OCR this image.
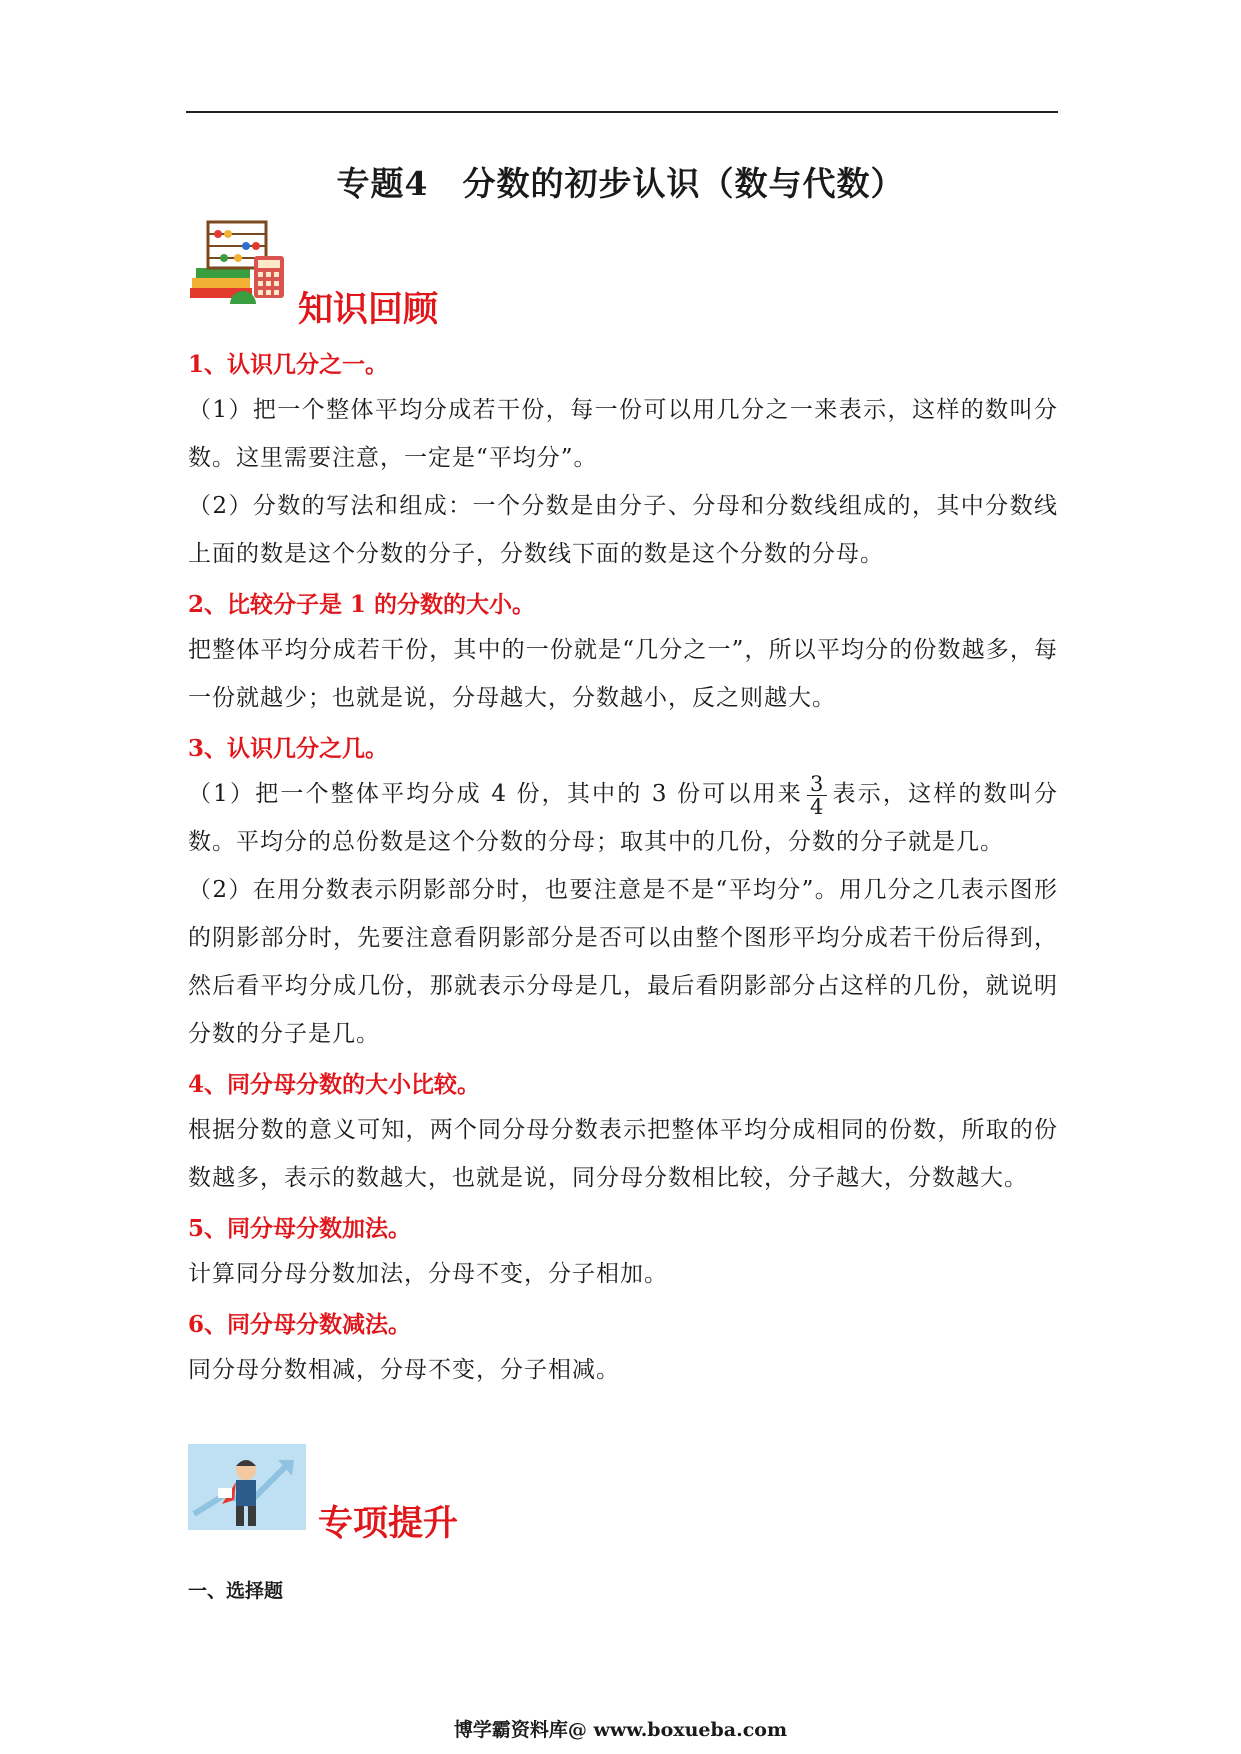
专题4　分数的初步认识（数与代数）
知识回顾
1、认识几分之一。
（1）把一个整体平均分成若干份，每一份可以用几分之一来表示，这样的数叫分数。这里需要注意，一定是“平均分”。
（2）分数的写法和组成：一个分数是由分子、分母和分数线组成的，其中分数线上面的数是这个分数的分子，分数线下面的数是这个分数的分母。
2、比较分子是 1 的分数的大小。
把整体平均分成若干份，其中的一份就是“几分之一”，所以平均分的份数越多，每一份就越少；也就是说，分母越大，分数越小，反之则越大。
3、认识几分之几。
（1）把一个整体平均分成 4 份，其中的 3 份可以用来 $\frac{3}{4}$ 表示，这样的数叫分数。平均分的总份数是这个分数的分母；取其中的几份，分数的分子就是几。
（2）在用分数表示阴影部分时，也要注意是不是“平均分”。用几分之几表示图形的阴影部分时，先要注意看阴影部分是否可以由整个图形平均分成若干份后得到，然后看平均分成几份，那就表示分母是几，最后看阴影部分占这样的几份，就说明分数的分子是几。
4、同分母分数的大小比较。
根据分数的意义可知，两个同分母分数表示把整体平均分成相同的份数，所取的份数越多，表示的数越大，也就是说，同分母分数相比较，分子越大，分数越大。
5、同分母分数加法。
计算同分母分数加法，分母不变，分子相加。
6、同分母分数减法。
同分母分数相减，分母不变，分子相减。
专项提升
一、选择题
博学霸资料库@ www.boxueba.com
